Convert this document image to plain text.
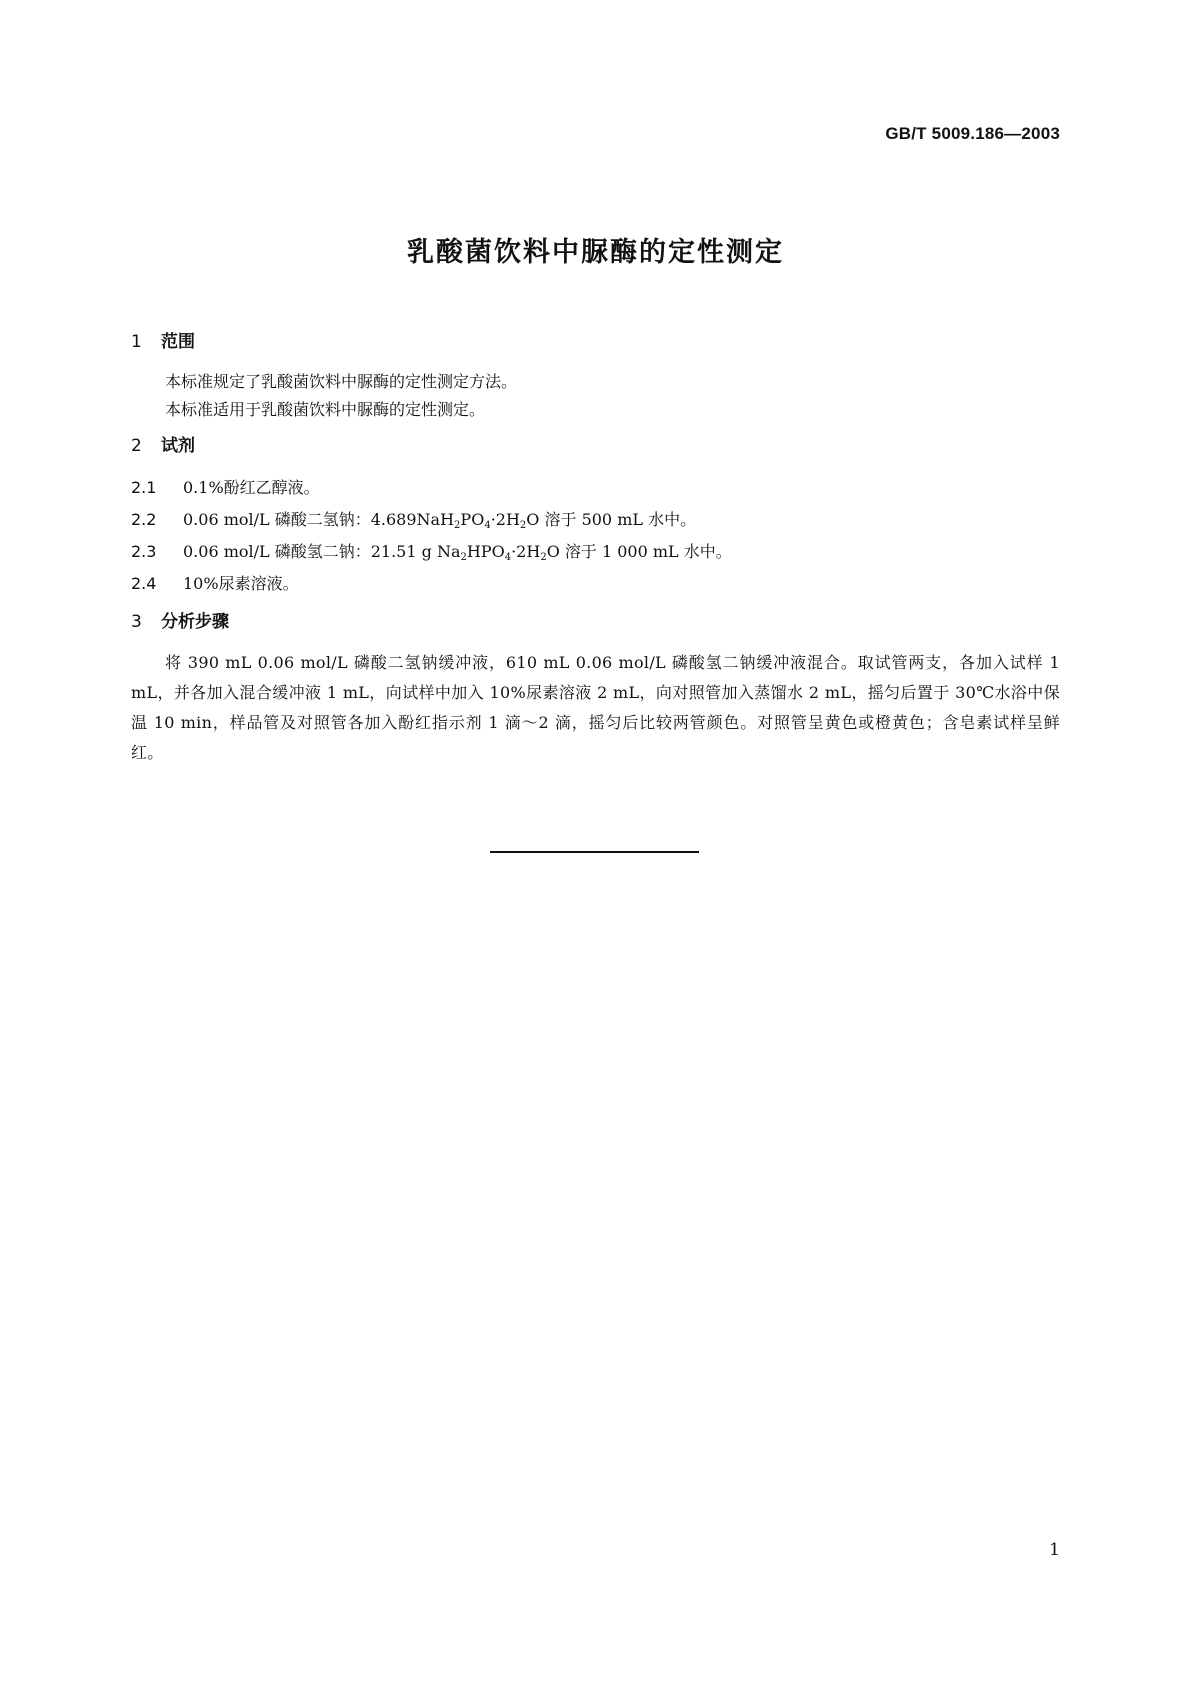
GB/T 5009.186—2003
乳酸菌饮料中脲酶的定性测定
1 范围

本标准规定了乳酸菌饮料中脲酶的定性测定方法。

本标准适用于乳酸菌饮料中脲酶的定性测定。

2 试剂

2.1 0.1%酚红乙醇液。

2.2 0.06 mol/L 磷酸二氢钠：$4.689NaH_2PO_4\cdot 2H_2O$ 溶于 500 mL 水中。

2.3 0.06 mol/L 磷酸氢二钠：21.51 g $Na_2HPO_4\cdot 2H_2O$ 溶于 1 000 mL 水中。

2.4 10%尿素溶液。

3 分析步骤

将 390 mL 0.06 mol/L 磷酸二氢钠缓冲液，610 mL 0.06 mol/L 磷酸氢二钠缓冲液混合。取试管两支，各加入试样 1 mL，并各加入混合缓冲液 1 mL，向试样中加入 10%尿素溶液 2 mL，向对照管加入蒸馏水 2 mL，摇匀后置于 30℃水浴中保温 10 min，样品管及对照管各加入酚红指示剂 1 滴～2 滴，摇匀后比较两管颜色。对照管呈黄色或橙黄色；含皂素试样呈鲜红。

1
